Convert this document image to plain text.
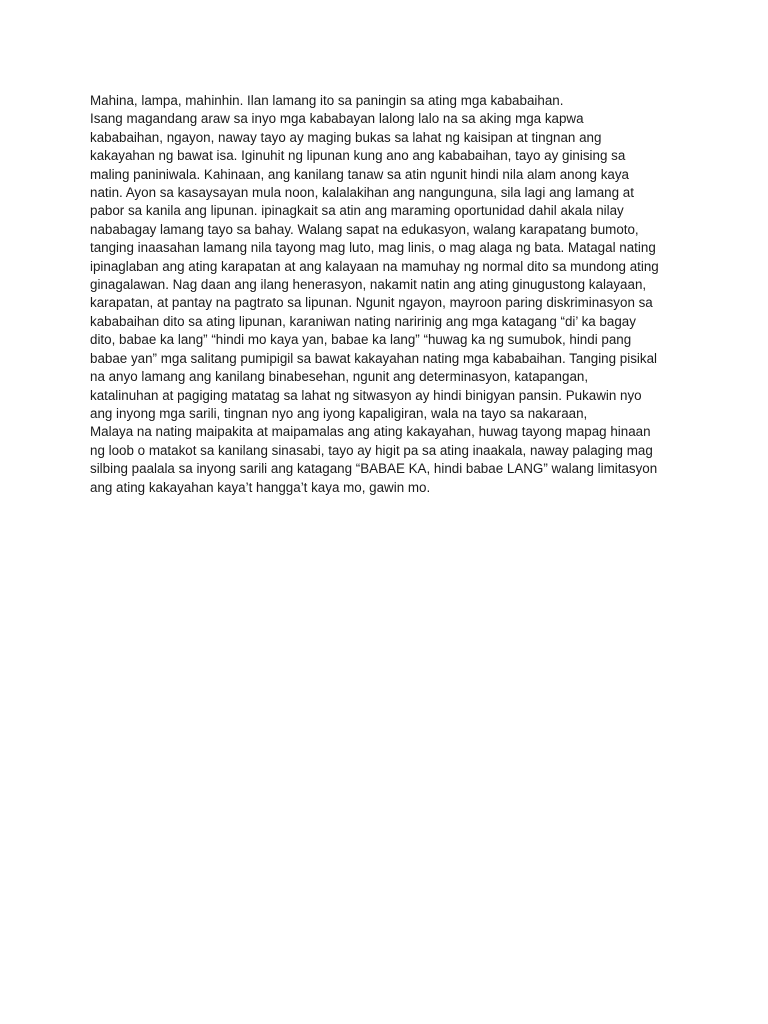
Mahina, lampa, mahinhin. Ilan lamang ito sa paningin sa ating mga kababaihan.
Isang magandang araw sa inyo mga kababayan lalong lalo na sa aking mga kapwa
kababaihan, ngayon, naway tayo ay maging bukas sa lahat ng kaisipan at tingnan ang
kakayahan ng bawat isa. Iginuhit ng lipunan kung ano ang kababaihan, tayo ay ginising sa
maling paniniwala. Kahinaan, ang kanilang tanaw sa atin ngunit hindi nila alam anong kaya
natin. Ayon sa kasaysayan mula noon, kalalakihan ang nangunguna, sila lagi ang lamang at
pabor sa kanila ang lipunan. ipinagkait sa atin ang maraming oportunidad dahil akala nilay
nababagay lamang tayo sa bahay. Walang sapat na edukasyon, walang karapatang bumoto,
tanging inaasahan lamang nila tayong mag luto, mag linis, o mag alaga ng bata. Matagal nating
ipinaglaban ang ating karapatan at ang kalayaan na mamuhay ng normal dito sa mundong ating
ginagalawan. Nag daan ang ilang henerasyon, nakamit natin ang ating ginugustong kalayaan,
karapatan, at pantay na pagtrato sa lipunan. Ngunit ngayon, mayroon paring diskriminasyon sa
kababaihan dito sa ating lipunan, karaniwan nating naririnig ang mga katagang “di’ ka bagay
dito, babae ka lang” “hindi mo kaya yan, babae ka lang” “huwag ka ng sumubok, hindi pang
babae yan” mga salitang pumipigil sa bawat kakayahan nating mga kababaihan. Tanging pisikal
na anyo lamang ang kanilang binabesehan, ngunit ang determinasyon, katapangan,
katalinuhan at pagiging matatag sa lahat ng sitwasyon ay hindi binigyan pansin. Pukawin nyo
ang inyong mga sarili, tingnan nyo ang iyong kapaligiran, wala na tayo sa nakaraan,
Malaya na nating maipakita at maipamalas ang ating kakayahan, huwag tayong mapag hinaan
ng loob o matakot sa kanilang sinasabi, tayo ay higit pa sa ating inaakala, naway palaging mag
silbing paalala sa inyong sarili ang katagang “BABAE KA, hindi babae LANG” walang limitasyon
ang ating kakayahan kaya’t hangga’t kaya mo, gawin mo.
